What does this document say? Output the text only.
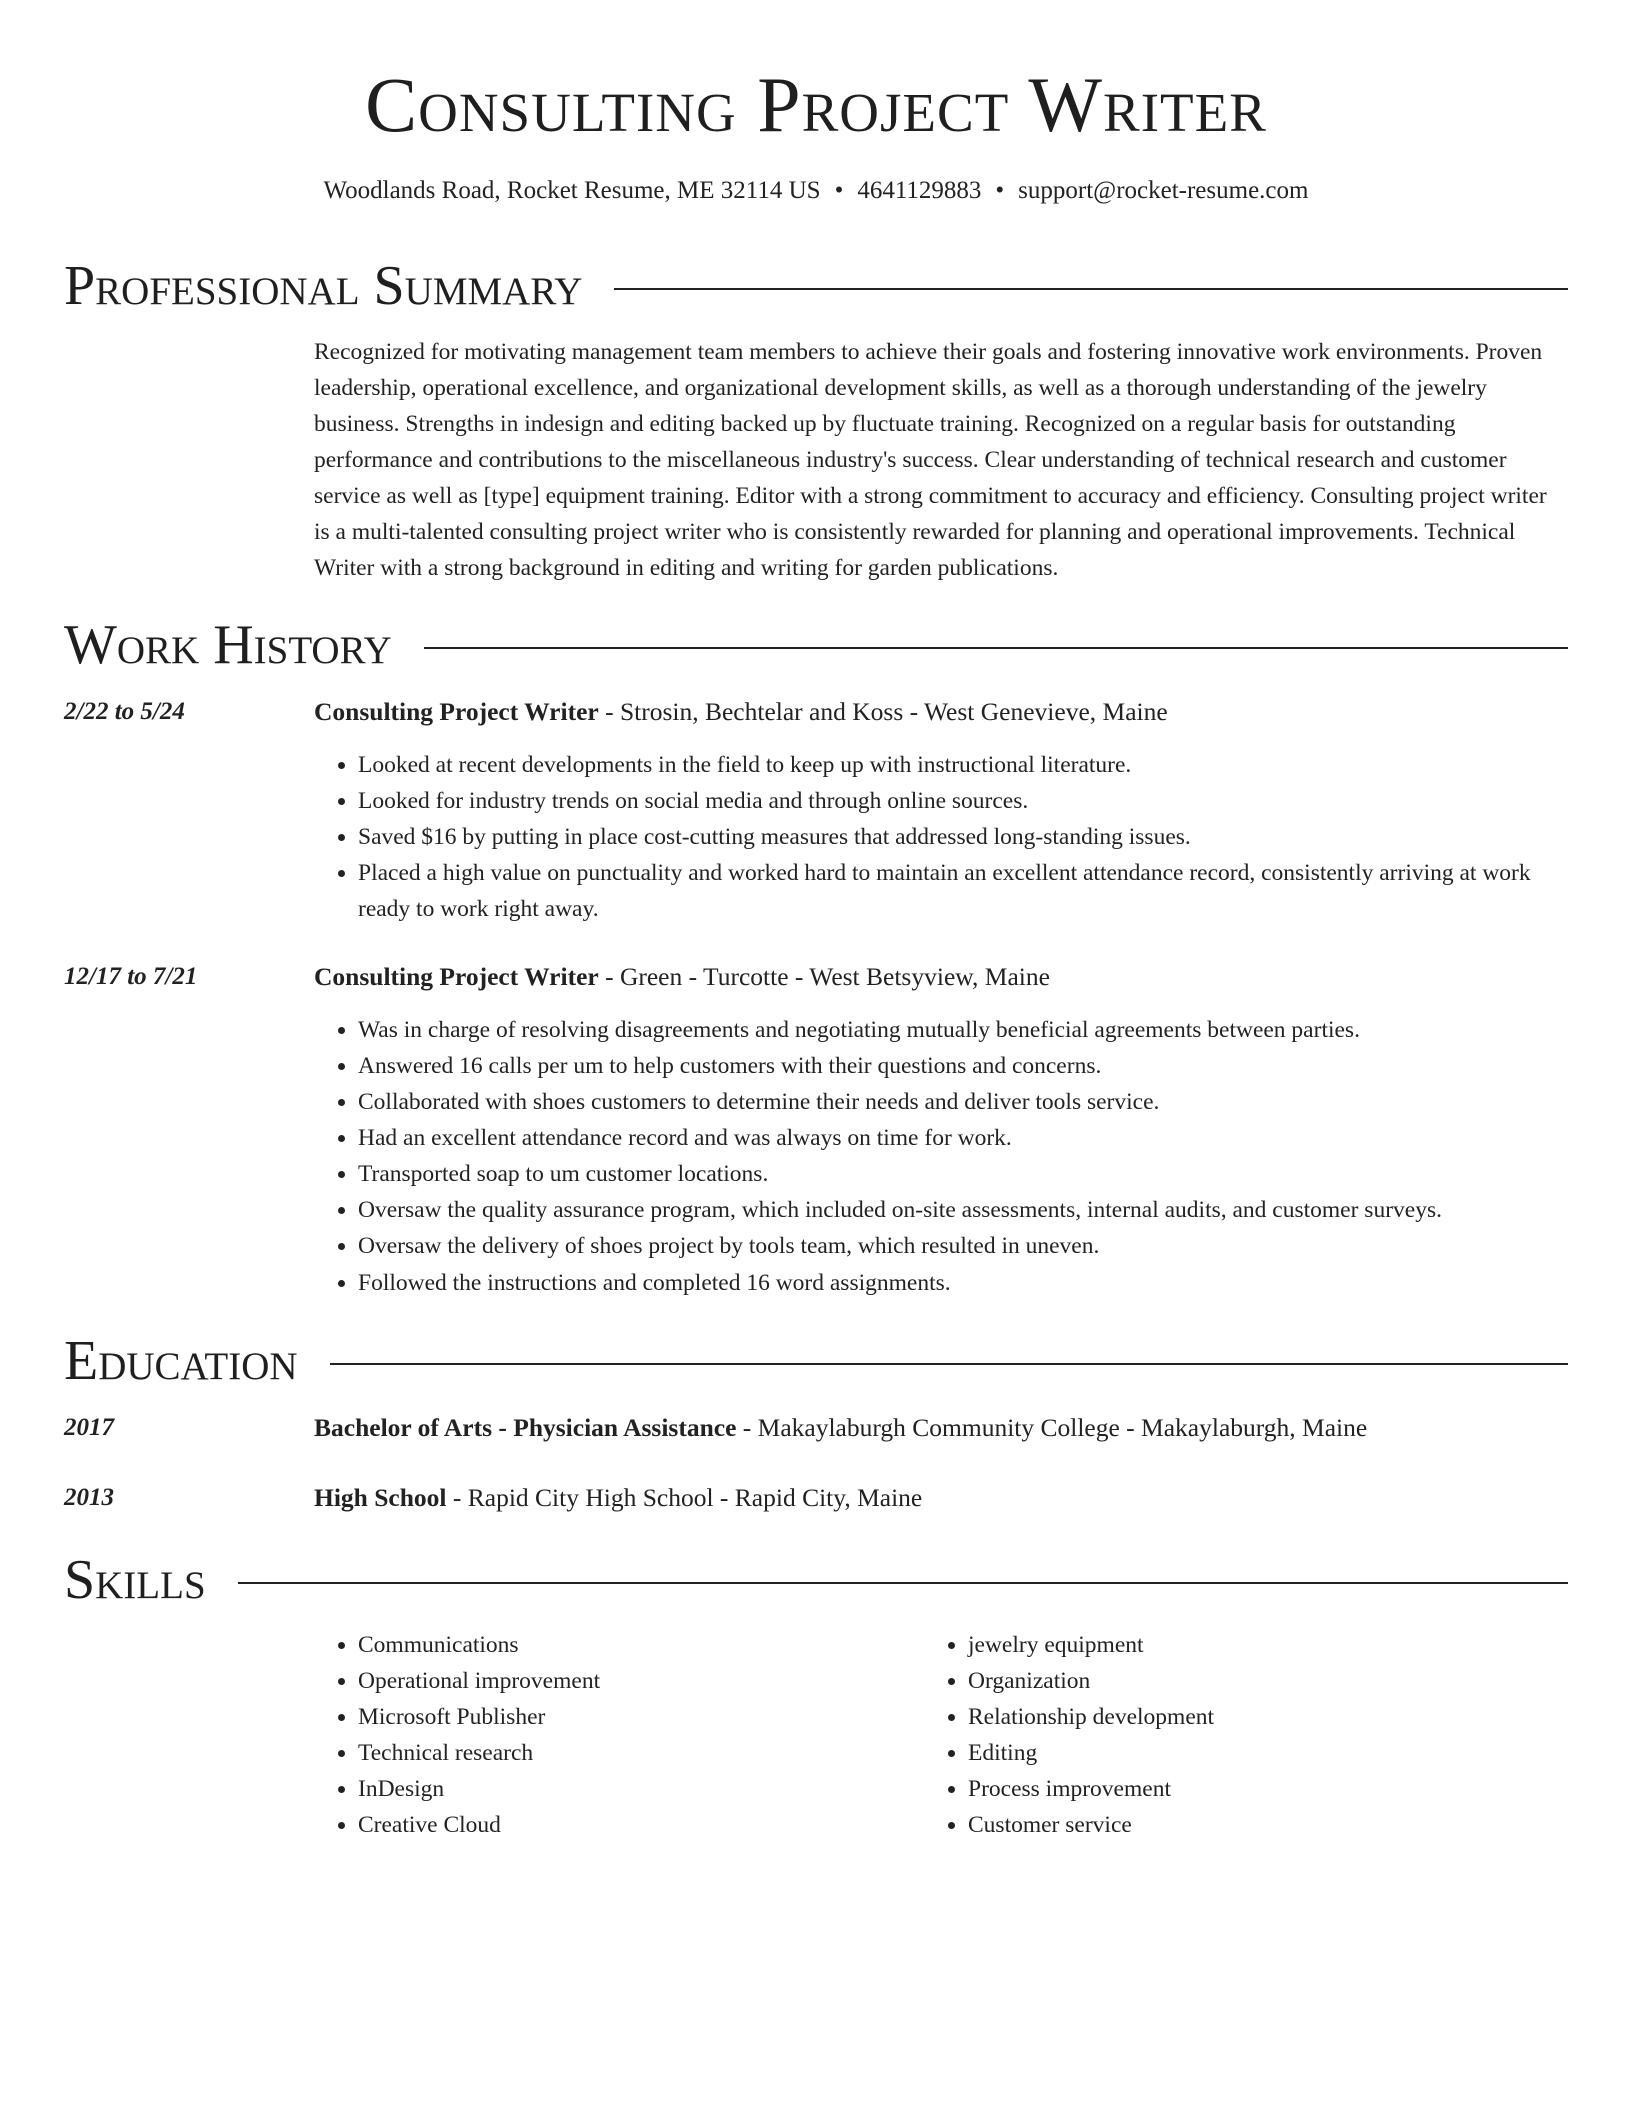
Consulting Project Writer
Woodlands Road, Rocket Resume, ME 32114 US • 4641129883 • support@rocket-resume.com
Professional Summary
Recognized for motivating management team members to achieve their goals and fostering innovative work environments. Proven leadership, operational excellence, and organizational development skills, as well as a thorough understanding of the jewelry business. Strengths in indesign and editing backed up by fluctuate training. Recognized on a regular basis for outstanding performance and contributions to the miscellaneous industry's success. Clear understanding of technical research and customer service as well as [type] equipment training. Editor with a strong commitment to accuracy and efficiency. Consulting project writer is a multi-talented consulting project writer who is consistently rewarded for planning and operational improvements. Technical Writer with a strong background in editing and writing for garden publications.
Work History
2/22 to 5/24	Consulting Project Writer - Strosin, Bechtelar and Koss - West Genevieve, Maine
• Looked at recent developments in the field to keep up with instructional literature.
• Looked for industry trends on social media and through online sources.
• Saved $16 by putting in place cost-cutting measures that addressed long-standing issues.
• Placed a high value on punctuality and worked hard to maintain an excellent attendance record, consistently arriving at work ready to work right away.
12/17 to 7/21	Consulting Project Writer - Green - Turcotte - West Betsyview, Maine
• Was in charge of resolving disagreements and negotiating mutually beneficial agreements between parties.
• Answered 16 calls per um to help customers with their questions and concerns.
• Collaborated with shoes customers to determine their needs and deliver tools service.
• Had an excellent attendance record and was always on time for work.
• Transported soap to um customer locations.
• Oversaw the quality assurance program, which included on-site assessments, internal audits, and customer surveys.
• Oversaw the delivery of shoes project by tools team, which resulted in uneven.
• Followed the instructions and completed 16 word assignments.
Education
2017	Bachelor of Arts - Physician Assistance - Makaylaburgh Community College - Makaylaburgh, Maine
2013	High School - Rapid City High School - Rapid City, Maine
Skills
• Communications
• Operational improvement
• Microsoft Publisher
• Technical research
• InDesign
• Creative Cloud
• jewelry equipment
• Organization
• Relationship development
• Editing
• Process improvement
• Customer service
